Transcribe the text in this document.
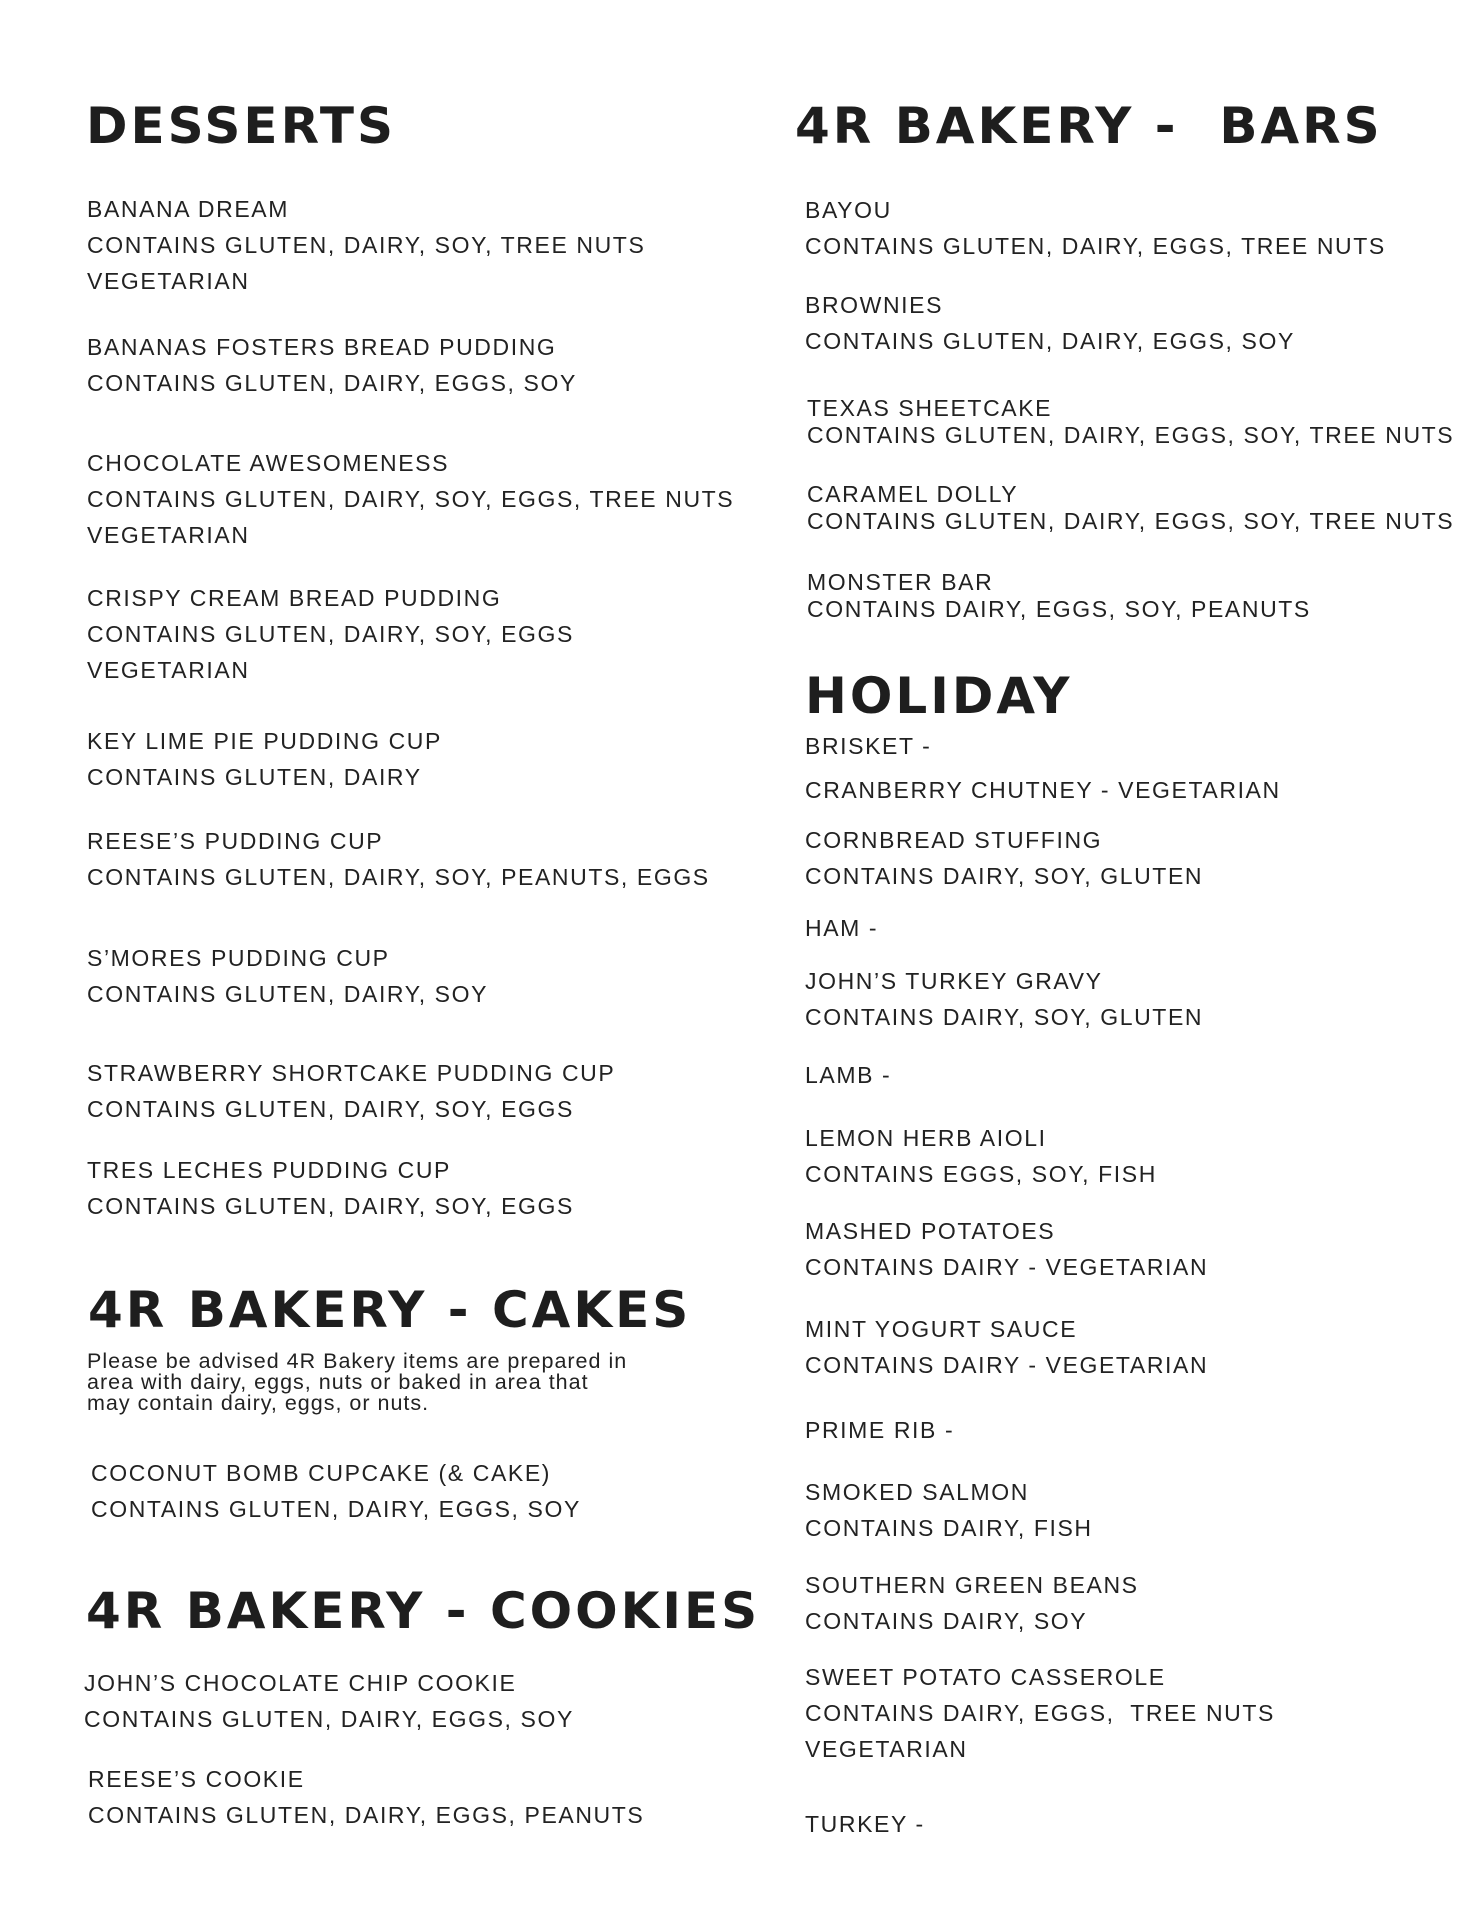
DESSERTS
BANANA DREAM
CONTAINS GLUTEN, DAIRY, SOY, TREE NUTS
VEGETARIAN
BANANAS FOSTERS BREAD PUDDING
CONTAINS GLUTEN, DAIRY, EGGS, SOY
CHOCOLATE AWESOMENESS
CONTAINS GLUTEN, DAIRY, SOY, EGGS, TREE NUTS
VEGETARIAN
CRISPY CREAM BREAD PUDDING
CONTAINS GLUTEN, DAIRY, SOY, EGGS
VEGETARIAN
KEY LIME PIE PUDDING CUP
CONTAINS GLUTEN, DAIRY
REESE’S PUDDING CUP
CONTAINS GLUTEN, DAIRY, SOY, PEANUTS, EGGS
S’MORES PUDDING CUP
CONTAINS GLUTEN, DAIRY, SOY
STRAWBERRY SHORTCAKE PUDDING CUP
CONTAINS GLUTEN, DAIRY, SOY, EGGS
TRES LECHES PUDDING CUP
CONTAINS GLUTEN, DAIRY, SOY, EGGS
4R BAKERY - CAKES
Please be advised 4R Bakery items are prepared in
area with dairy, eggs, nuts or baked in area that
may contain dairy, eggs, or nuts.
COCONUT BOMB CUPCAKE (& CAKE)
CONTAINS GLUTEN, DAIRY, EGGS, SOY
4R BAKERY - COOKIES
JOHN’S CHOCOLATE CHIP COOKIE
CONTAINS GLUTEN, DAIRY, EGGS, SOY
REESE’S COOKIE
CONTAINS GLUTEN, DAIRY, EGGS, PEANUTS
4R BAKERY -  BARS
BAYOU
CONTAINS GLUTEN, DAIRY, EGGS, TREE NUTS
BROWNIES
CONTAINS GLUTEN, DAIRY, EGGS, SOY
TEXAS SHEETCAKE
CONTAINS GLUTEN, DAIRY, EGGS, SOY, TREE NUTS
CARAMEL DOLLY
CONTAINS GLUTEN, DAIRY, EGGS, SOY, TREE NUTS
MONSTER BAR
CONTAINS DAIRY, EGGS, SOY, PEANUTS
HOLIDAY
BRISKET -
CRANBERRY CHUTNEY - VEGETARIAN
CORNBREAD STUFFING
CONTAINS DAIRY, SOY, GLUTEN
HAM -
JOHN’S TURKEY GRAVY
CONTAINS DAIRY, SOY, GLUTEN
LAMB -
LEMON HERB AIOLI
CONTAINS EGGS, SOY, FISH
MASHED POTATOES
CONTAINS DAIRY - VEGETARIAN
MINT YOGURT SAUCE
CONTAINS DAIRY - VEGETARIAN
PRIME RIB -
SMOKED SALMON
CONTAINS DAIRY, FISH
SOUTHERN GREEN BEANS
CONTAINS DAIRY, SOY
SWEET POTATO CASSEROLE
CONTAINS DAIRY, EGGS,  TREE NUTS
VEGETARIAN
TURKEY -
